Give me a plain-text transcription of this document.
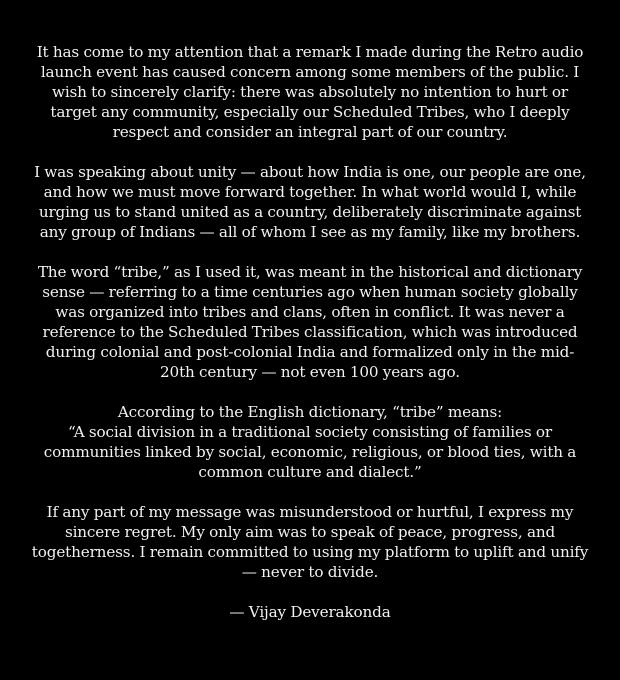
It has come to my attention that a remark I made during the Retro audio launch event has caused concern among some members of the public. I wish to sincerely clarify: there was absolutely no intention to hurt or target any community, especially our Scheduled Tribes, who I deeply respect and consider an integral part of our country.

I was speaking about unity — about how India is one, our people are one, and how we must move forward together. In what world would I, while urging us to stand united as a country, deliberately discriminate against any group of Indians — all of whom I see as my family, like my brothers.

The word “tribe,” as I used it, was meant in the historical and dictionary sense — referring to a time centuries ago when human society globally was organized into tribes and clans, often in conflict. It was never a reference to the Scheduled Tribes classification, which was introduced during colonial and post-colonial India and formalized only in the mid-20th century — not even 100 years ago.

According to the English dictionary, “tribe” means:
“A social division in a traditional society consisting of families or communities linked by social, economic, religious, or blood ties, with a common culture and dialect.”

If any part of my message was misunderstood or hurtful, I express my sincere regret. My only aim was to speak of peace, progress, and togetherness. I remain committed to using my platform to uplift and unify — never to divide.

— Vijay Deverakonda
